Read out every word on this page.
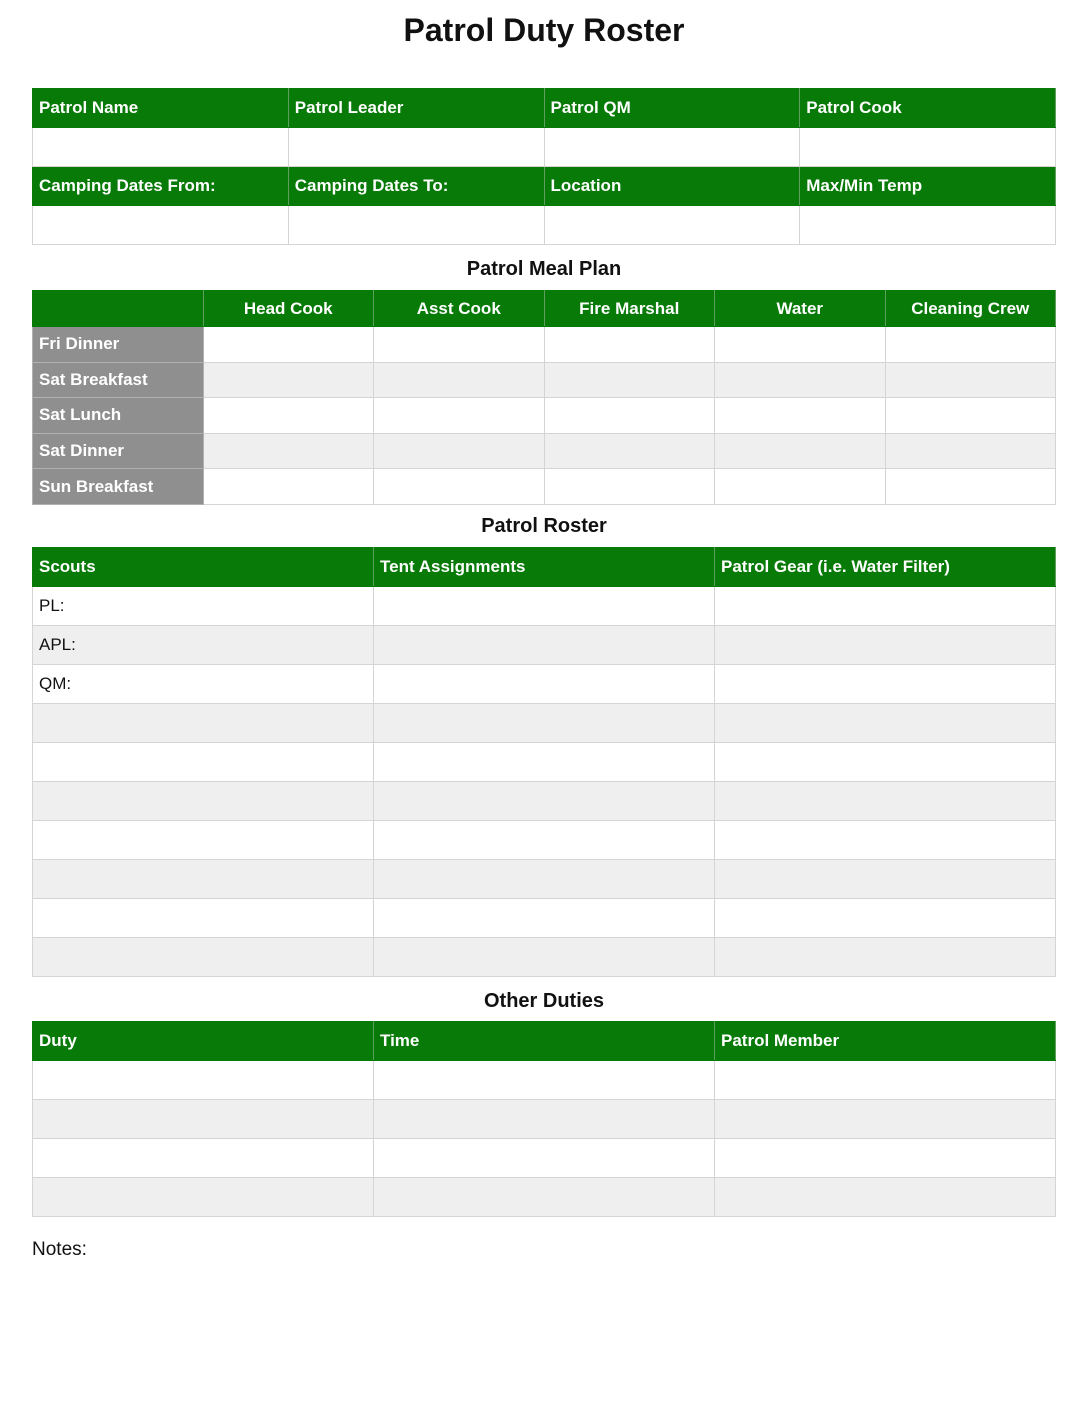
Patrol Duty Roster
Patrol Name	Patrol Leader	Patrol QM	Patrol Cook

Camping Dates From:	Camping Dates To:	Location	Max/Min Temp

Patrol Meal Plan
	Head Cook	Asst Cook	Fire Marshal	Water	Cleaning Crew
Fri Dinner					
Sat Breakfast					
Sat Lunch					
Sat Dinner					
Sun Breakfast					
Patrol Roster
Scouts	Tent Assignments	Patrol Gear (i.e. Water Filter)
PL:		
APL:		
QM:		

Other Duties
Duty	Time	Patrol Member

Notes:
